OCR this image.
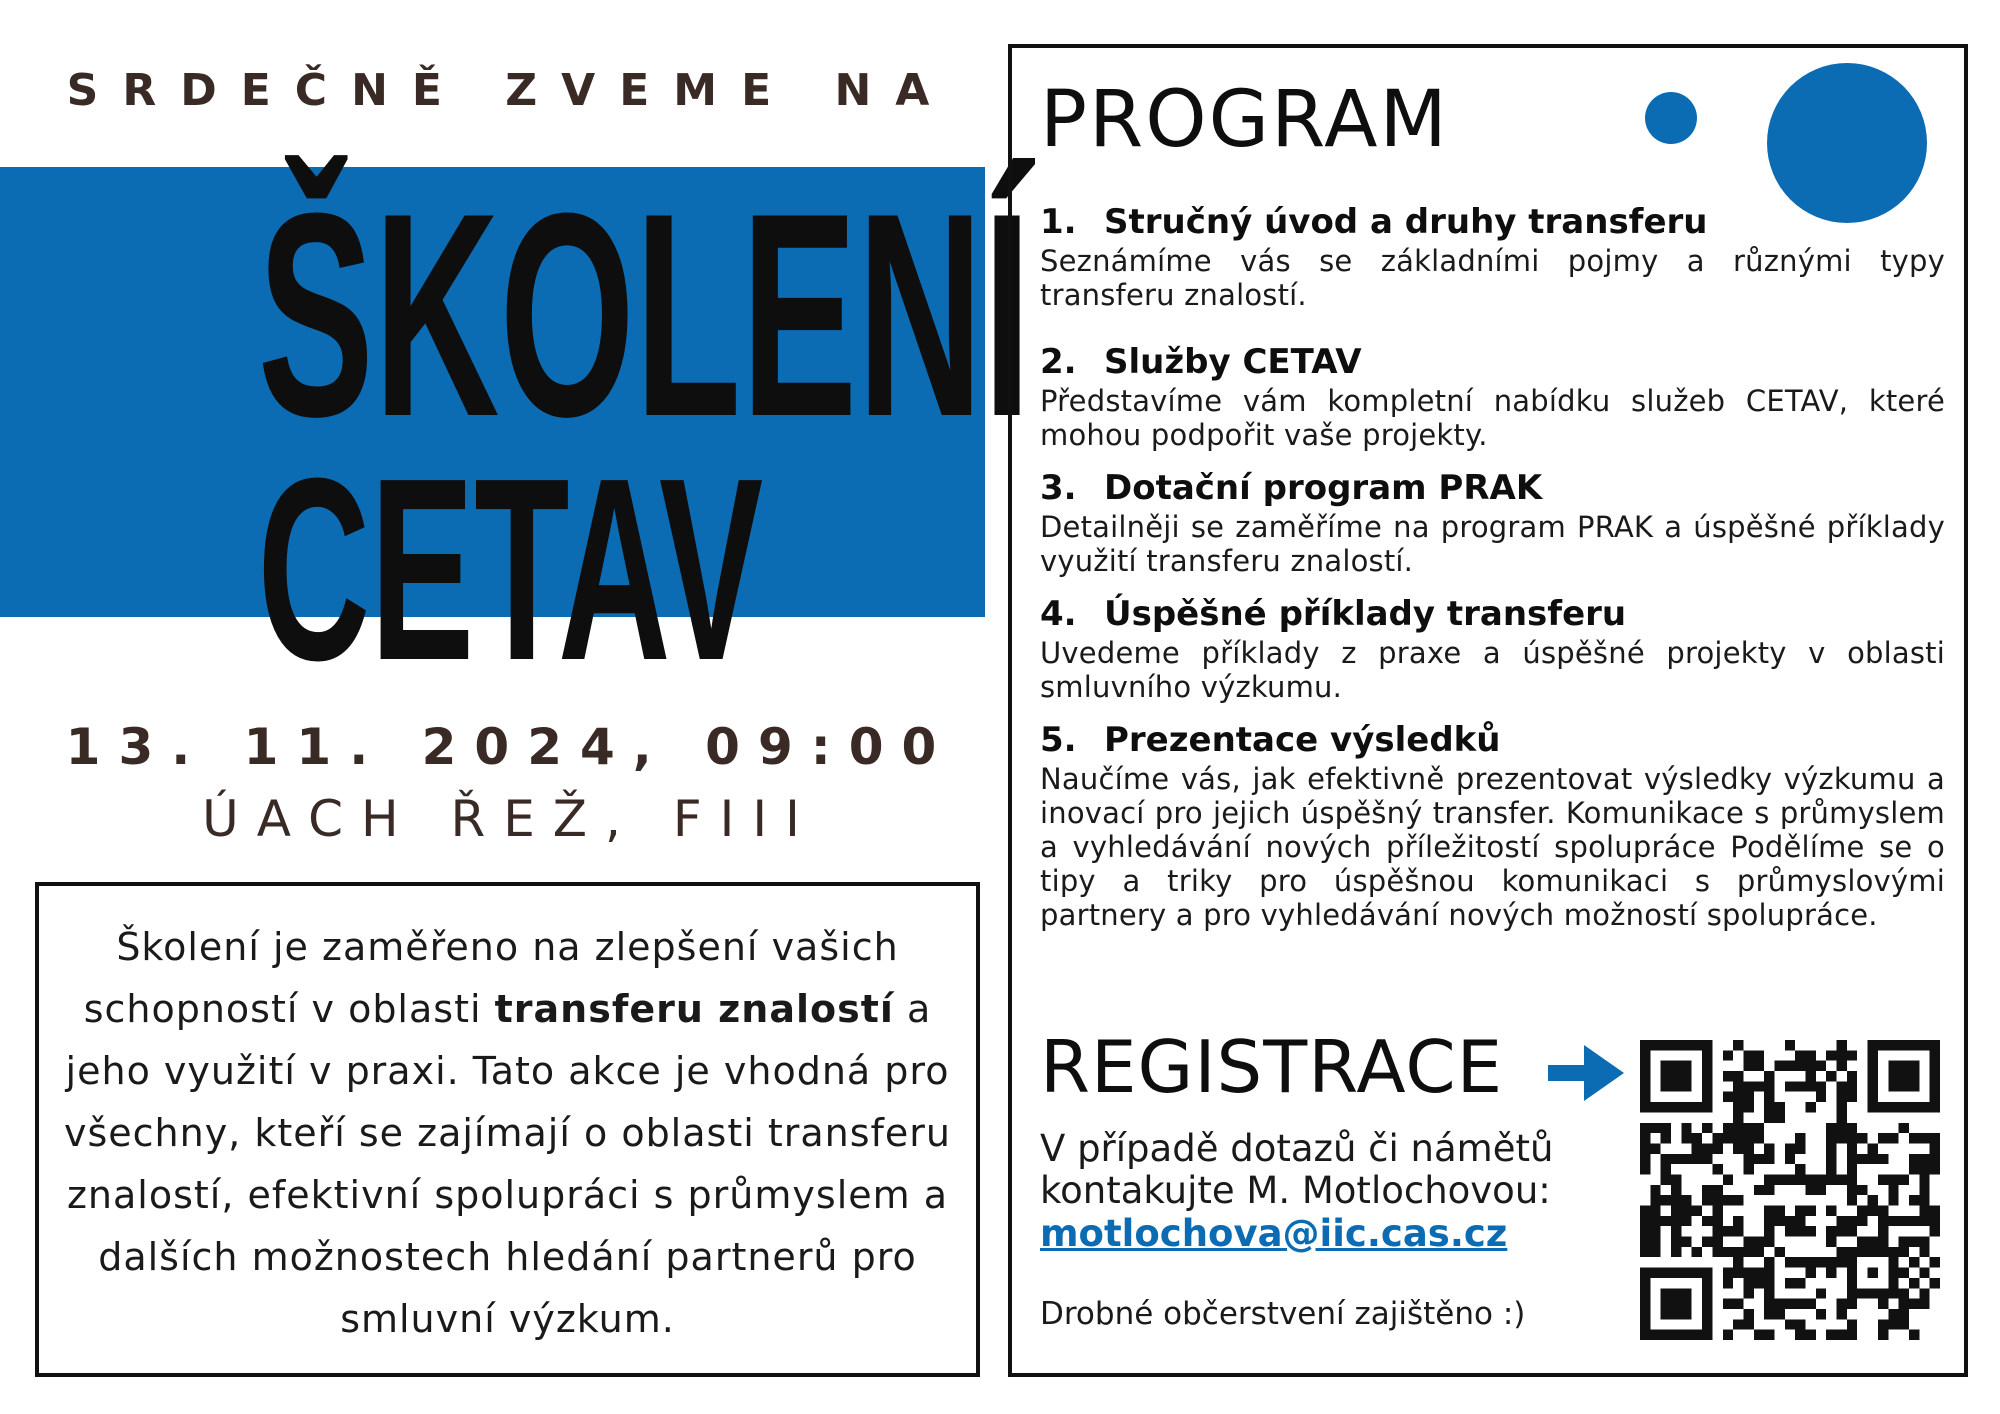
SRDEČNĚ ZVEME NA
ŠKOLENÍ
CETAV
13. 11. 2024, 09:00
ÚACH ŘEŽ, FIII
Školení je zaměřeno na zlepšení vašich schopností v oblasti transferu znalostí a jeho využití v praxi. Tato akce je vhodná pro všechny, kteří se zajímají o oblasti transferu znalostí, efektivní spolupráci s průmyslem a dalších možnostech hledání partnerů pro smluvní výzkum.
PROGRAM
1. Stručný úvod a druhy transferu
Seznámíme vás se základními pojmy a různými typy transferu znalostí.
2. Služby CETAV
Představíme vám kompletní nabídku služeb CETAV, které mohou podpořit vaše projekty.
3. Dotační program PRAK
Detailněji se zaměříme na program PRAK a úspěšné příklady využití transferu znalostí.
4. Úspěšné příklady transferu
Uvedeme příklady z praxe a úspěšné projekty v oblasti smluvního výzkumu.
5. Prezentace výsledků
Naučíme vás, jak efektivně prezentovat výsledky výzkumu a inovací pro jejich úspěšný transfer. Komunikace s průmyslem a vyhledávání nových příležitostí spolupráce Podělíme se o tipy a triky pro úspěšnou komunikaci s průmyslovými partnery a pro vyhledávání nových možností spolupráce.
REGISTRACE
V případě dotazů či námětů kontakujte M. Motlochovou:
motlochova@iic.cas.cz
Drobné občerstvení zajištěno :)
